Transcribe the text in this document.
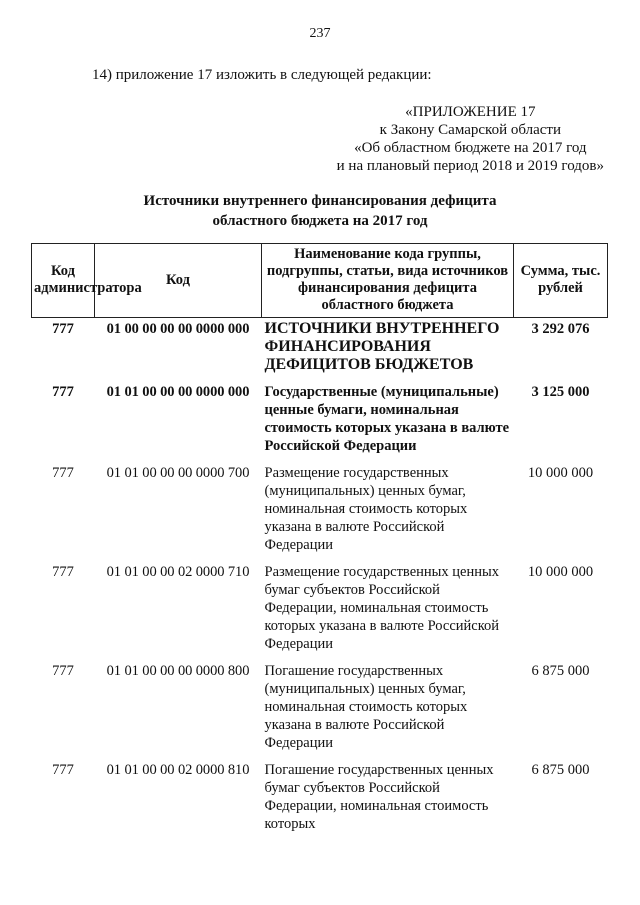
237
14) приложение 17 изложить в следующей редакции:
«ПРИЛОЖЕНИЕ 17
к Закону Самарской области
«Об областном бюджете на 2017 год
и на плановый период 2018 и 2019 годов»
Источники внутреннего финансирования дефицита
областного бюджета на 2017 год
Код администратора	Код	Наименование кода группы, подгруппы, статьи, вида источников финансирования дефицита областного бюджета	Сумма, тыс. рублей
777	01 00 00 00 00 0000 000	ИСТОЧНИКИ ВНУТРЕННЕГО ФИНАНСИРОВАНИЯ ДЕФИЦИТОВ БЮДЖЕТОВ	3 292 076
777	01 01 00 00 00 0000 000	Государственные (муниципальные) ценные бумаги, номинальная стоимость которых указана в валюте Российской Федерации	3 125 000
777	01 01 00 00 00 0000 700	Размещение государственных (муниципальных) ценных бумаг, номинальная стоимость которых указана в валюте Российской Федерации	10 000 000
777	01 01 00 00 02 0000 710	Размещение государственных ценных бумаг субъектов Российской Федерации, номинальная стоимость которых указана в валюте Российской Федерации	10 000 000
777	01 01 00 00 00 0000 800	Погашение государственных (муниципальных) ценных бумаг, номинальная стоимость которых указана в валюте Российской Федерации	6 875 000
777	01 01 00 00 02 0000 810	Погашение государственных ценных бумаг субъектов Российской Федерации, номинальная стоимость которых	6 875 000
